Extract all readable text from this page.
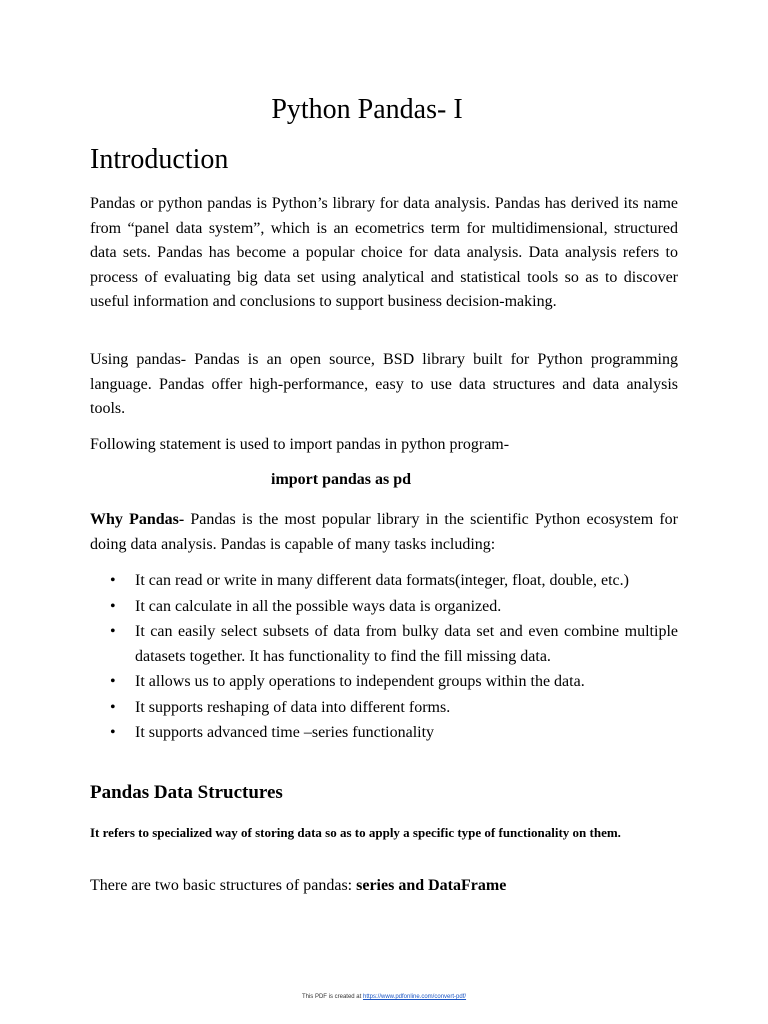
Python Pandas- I
Introduction

Pandas or python pandas is Python’s library for data analysis. Pandas has derived its name from “panel data system”, which is an ecometrics term for multidimensional, structured data sets. Pandas has become a popular choice for data analysis. Data analysis refers to process of evaluating big data set using analytical and statistical tools so as to discover useful information and conclusions to support business decision-making.

Using pandas- Pandas is an open source, BSD library built for Python programming language. Pandas offer high-performance, easy to use data structures and data analysis tools.

Following statement is used to import pandas in python program-

import pandas as pd

Why Pandas- Pandas is the most popular library in the scientific Python ecosystem for doing data analysis. Pandas is capable of many tasks including:

• It can read or write in many different data formats(integer, float, double, etc.)
• It can calculate in all the possible ways data is organized.
• It can easily select subsets of data from bulky data set and even combine multiple datasets together. It has functionality to find the fill missing data.
• It allows us to apply operations to independent groups within the data.
• It supports reshaping of data into different forms.
• It supports advanced time –series functionality
Pandas Data Structures

It refers to specialized way of storing data so as to apply a specific type of functionality on them.

There are two basic structures of pandas: series and DataFrame

This PDF is created at https://www.pdfonline.com/convert-pdf/
